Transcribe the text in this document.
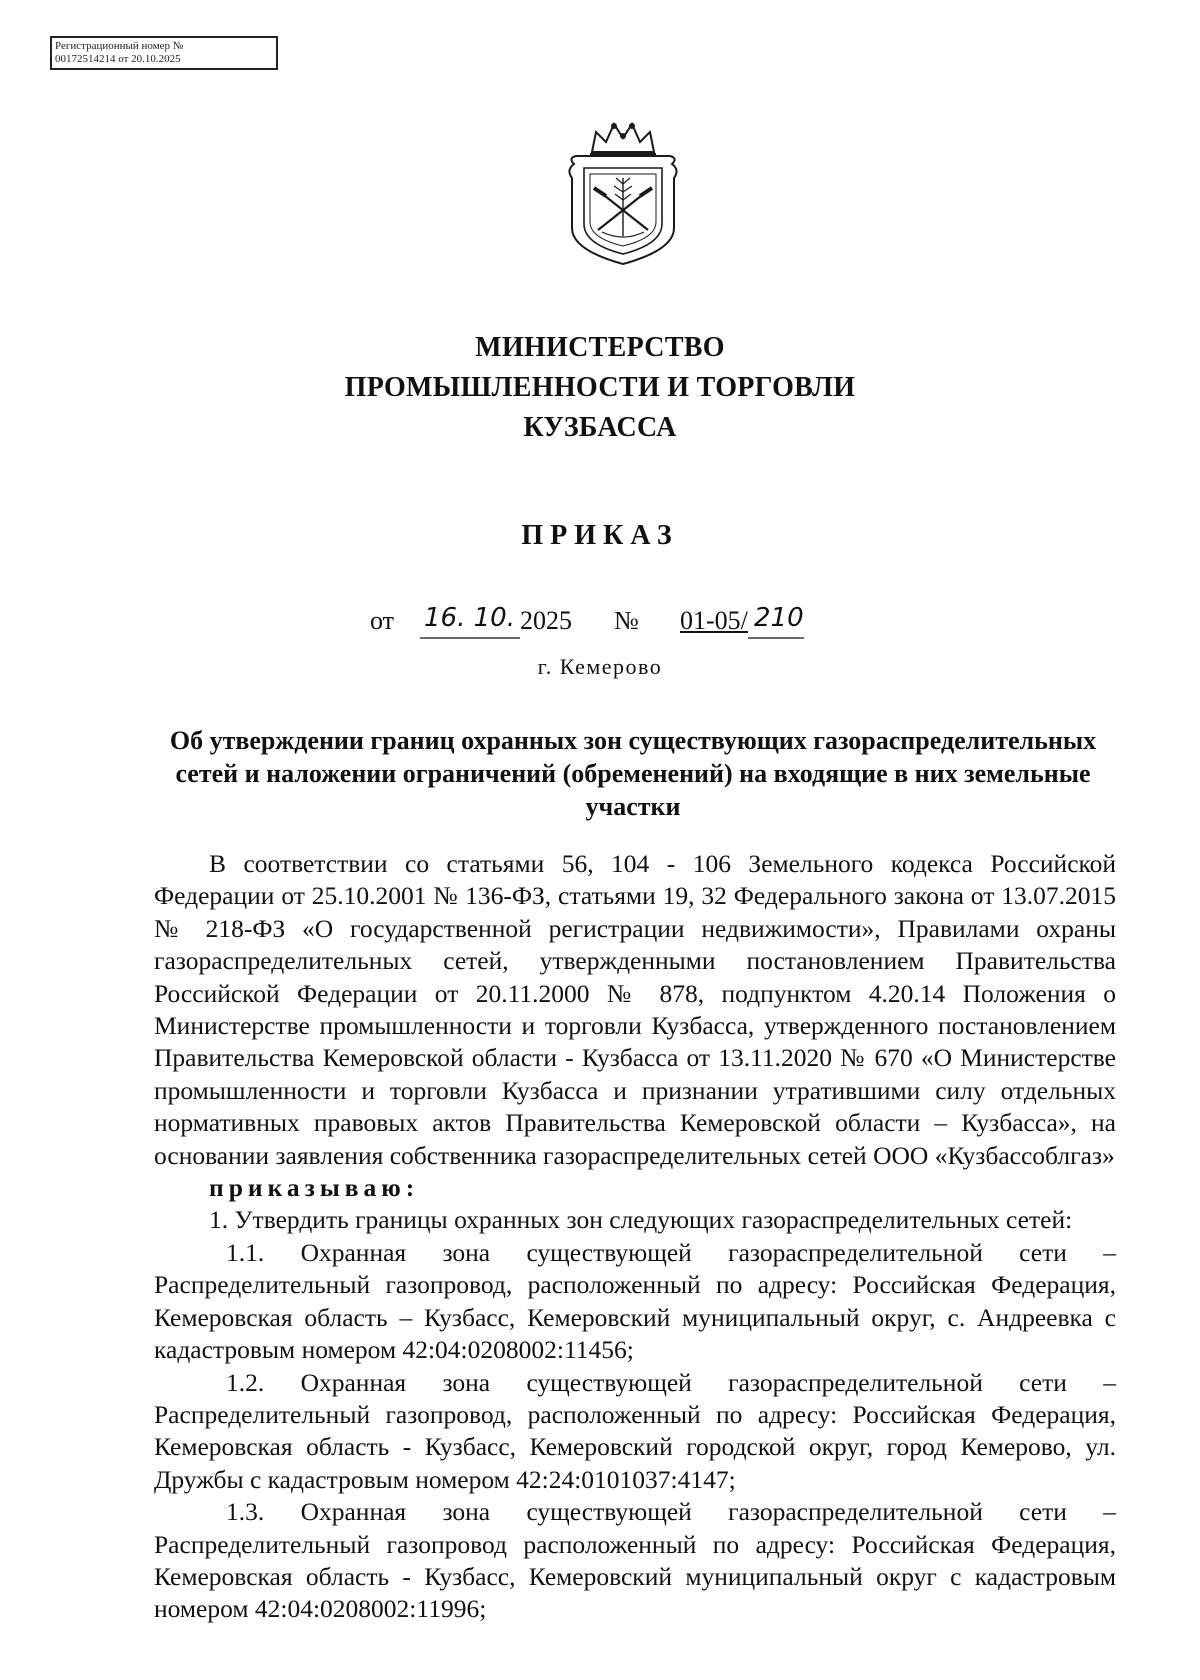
Регистрационный номер №
00172514214 от 20.10.2025
МИНИСТЕРСТВО
ПРОМЫШЛЕННОСТИ И ТОРГОВЛИ
КУЗБАССА
ПРИКАЗ
от 16. 10. 2025 № 01-05/ 210
г. Кемерово
Об утверждении границ охранных зон существующих газораспределительных сетей и наложении ограничений (обременений) на входящие в них земельные участки

В соответствии со статьями 56, 104 - 106 Земельного кодекса Российской Федерации от 25.10.2001 № 136-ФЗ, статьями 19, 32 Федерального закона от 13.07.2015 № 218-ФЗ «О государственной регистрации недвижимости», Правилами охраны газораспределительных сетей, утвержденными постановлением Правительства Российской Федерации от 20.11.2000 № 878, подпунктом 4.20.14 Положения о Министерстве промышленности и торговли Кузбасса, утвержденного постановлением Правительства Кемеровской области - Кузбасса от 13.11.2020 № 670 «О Министерстве промышленности и торговли Кузбасса и признании утратившими силу отдельных нормативных правовых актов Правительства Кемеровской области – Кузбасса», на основании заявления собственника газораспределительных сетей ООО «Кузбассоблгаз»

приказываю:

1. Утвердить границы охранных зон следующих газораспределительных сетей:

1.1. Охранная зона существующей газораспределительной сети – Распределительный газопровод, расположенный по адресу: Российская Федерация, Кемеровская область – Кузбасс, Кемеровский муниципальный округ, с. Андреевка с кадастровым номером 42:04:0208002:11456;

1.2. Охранная зона существующей газораспределительной сети – Распределительный газопровод, расположенный по адресу: Российская Федерация, Кемеровская область - Кузбасс, Кемеровский городской округ, город Кемерово, ул. Дружбы с кадастровым номером 42:24:0101037:4147;

1.3. Охранная зона существующей газораспределительной сети – Распределительный газопровод расположенный по адресу: Российская Федерация, Кемеровская область - Кузбасс, Кемеровский муниципальный округ с кадастровым номером 42:04:0208002:11996;
